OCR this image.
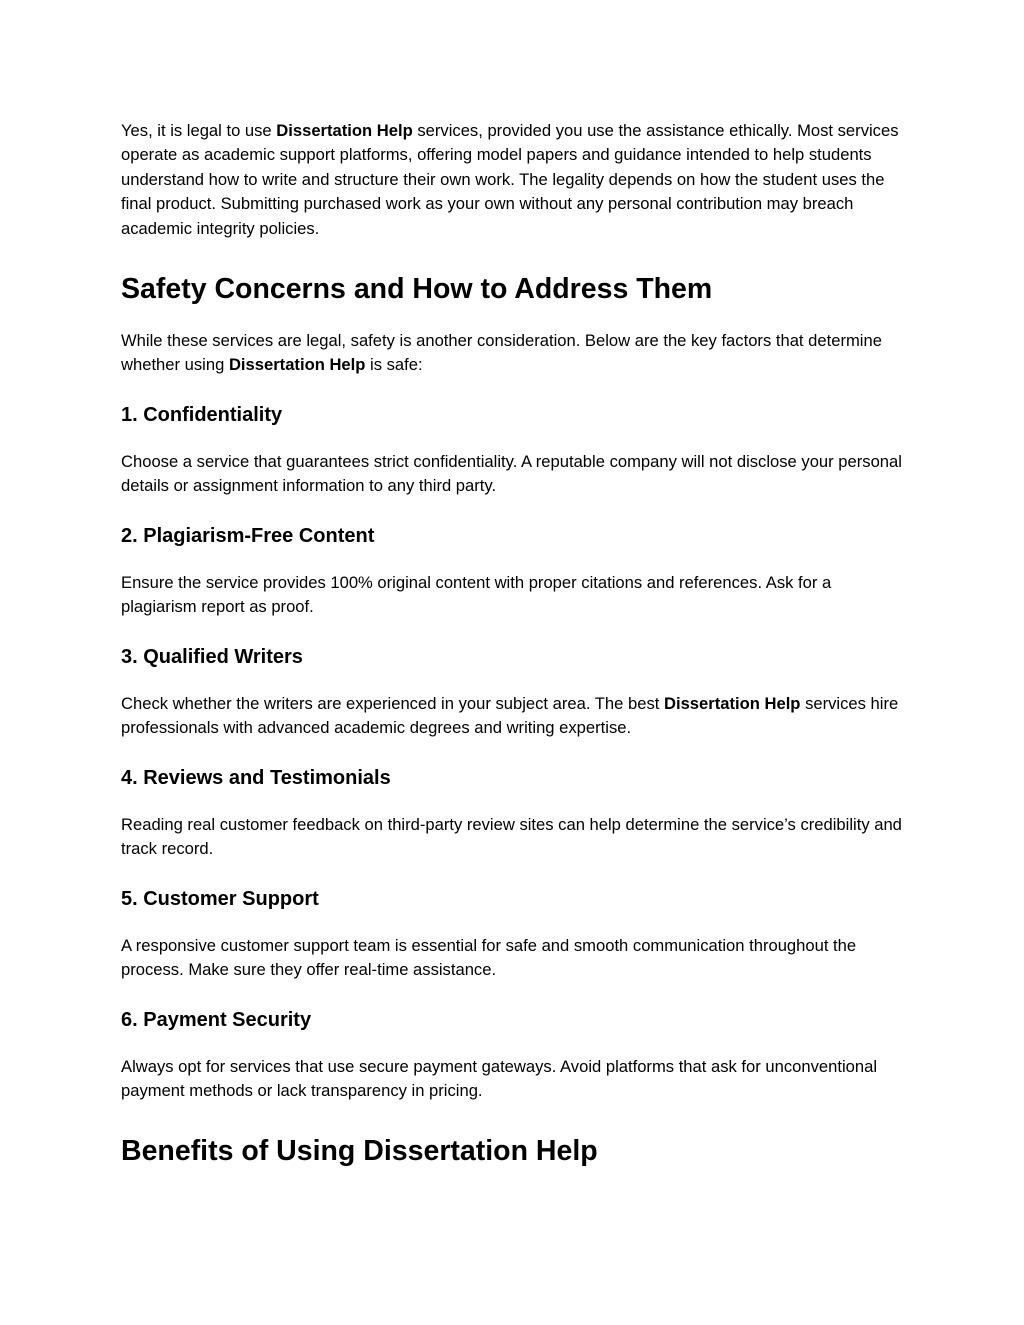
Yes, it is legal to use Dissertation Help services, provided you use the assistance ethically. Most services operate as academic support platforms, offering model papers and guidance intended to help students understand how to write and structure their own work. The legality depends on how the student uses the final product. Submitting purchased work as your own without any personal contribution may breach academic integrity policies.

Safety Concerns and How to Address Them

While these services are legal, safety is another consideration. Below are the key factors that determine whether using Dissertation Help is safe:

1. Confidentiality

Choose a service that guarantees strict confidentiality. A reputable company will not disclose your personal details or assignment information to any third party.

2. Plagiarism-Free Content

Ensure the service provides 100% original content with proper citations and references. Ask for a plagiarism report as proof.

3. Qualified Writers

Check whether the writers are experienced in your subject area. The best Dissertation Help services hire professionals with advanced academic degrees and writing expertise.

4. Reviews and Testimonials

Reading real customer feedback on third-party review sites can help determine the service’s credibility and track record.

5. Customer Support

A responsive customer support team is essential for safe and smooth communication throughout the process. Make sure they offer real-time assistance.

6. Payment Security

Always opt for services that use secure payment gateways. Avoid platforms that ask for unconventional payment methods or lack transparency in pricing.

Benefits of Using Dissertation Help
